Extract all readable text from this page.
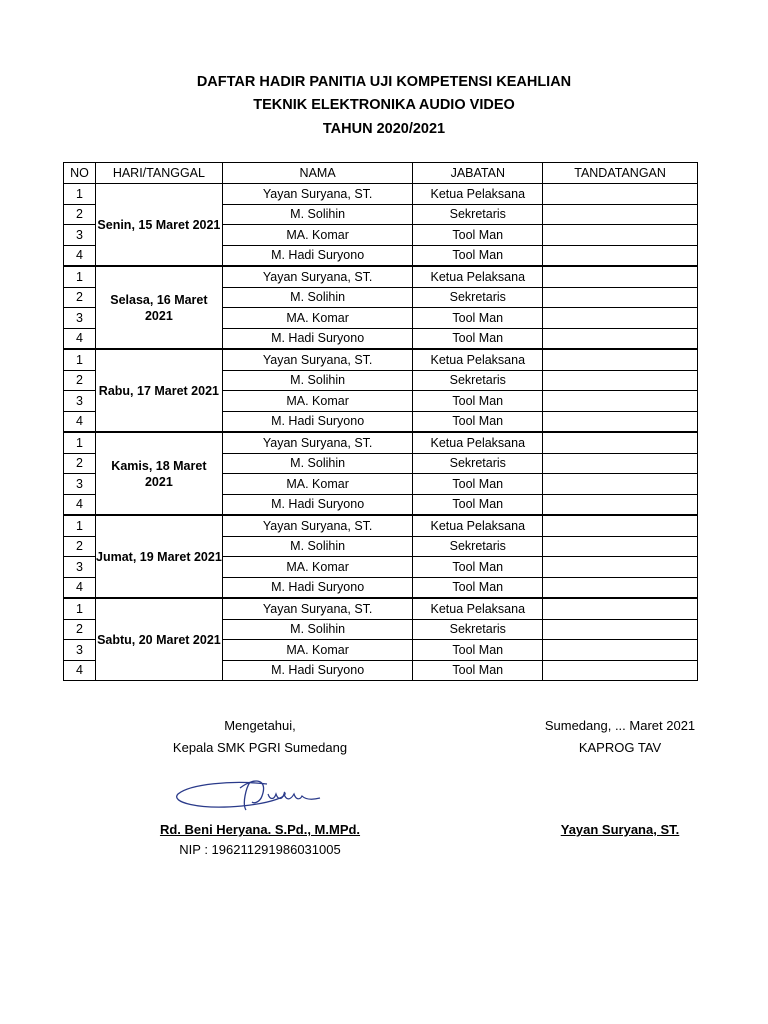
DAFTAR HADIR PANITIA UJI KOMPETENSI KEAHLIAN
TEKNIK ELEKTRONIKA AUDIO VIDEO
TAHUN 2020/2021
NO	HARI/TANGGAL	NAMA	JABATAN	TANDATANGAN
1	Senin, 15 Maret 2021	Yayan Suryana, ST.	Ketua Pelaksana	
2		M. Solihin	Sekretaris	
3		MA. Komar	Tool Man	
4		M. Hadi Suryono	Tool Man	
1	Selasa, 16 Maret 2021	Yayan Suryana, ST.	Ketua Pelaksana	
2		M. Solihin	Sekretaris	
3		MA. Komar	Tool Man	
4		M. Hadi Suryono	Tool Man	
1	Rabu, 17 Maret 2021	Yayan Suryana, ST.	Ketua Pelaksana	
2		M. Solihin	Sekretaris	
3		MA. Komar	Tool Man	
4		M. Hadi Suryono	Tool Man	
1	Kamis, 18 Maret 2021	Yayan Suryana, ST.	Ketua Pelaksana	
2		M. Solihin	Sekretaris	
3		MA. Komar	Tool Man	
4		M. Hadi Suryono	Tool Man	
1	Jumat, 19 Maret 2021	Yayan Suryana, ST.	Ketua Pelaksana	
2		M. Solihin	Sekretaris	
3		MA. Komar	Tool Man	
4		M. Hadi Suryono	Tool Man	
1	Sabtu, 20 Maret 2021	Yayan Suryana, ST.	Ketua Pelaksana	
2		M. Solihin	Sekretaris	
3		MA. Komar	Tool Man	
4		M. Hadi Suryono	Tool Man	
Mengetahui,
Kepala SMK PGRI Sumedang
Rd. Beni Heryana. S.Pd., M.MPd.
NIP : 196211291986031005
Sumedang, ... Maret 2021
KAPROG TAV
Yayan Suryana, ST.
